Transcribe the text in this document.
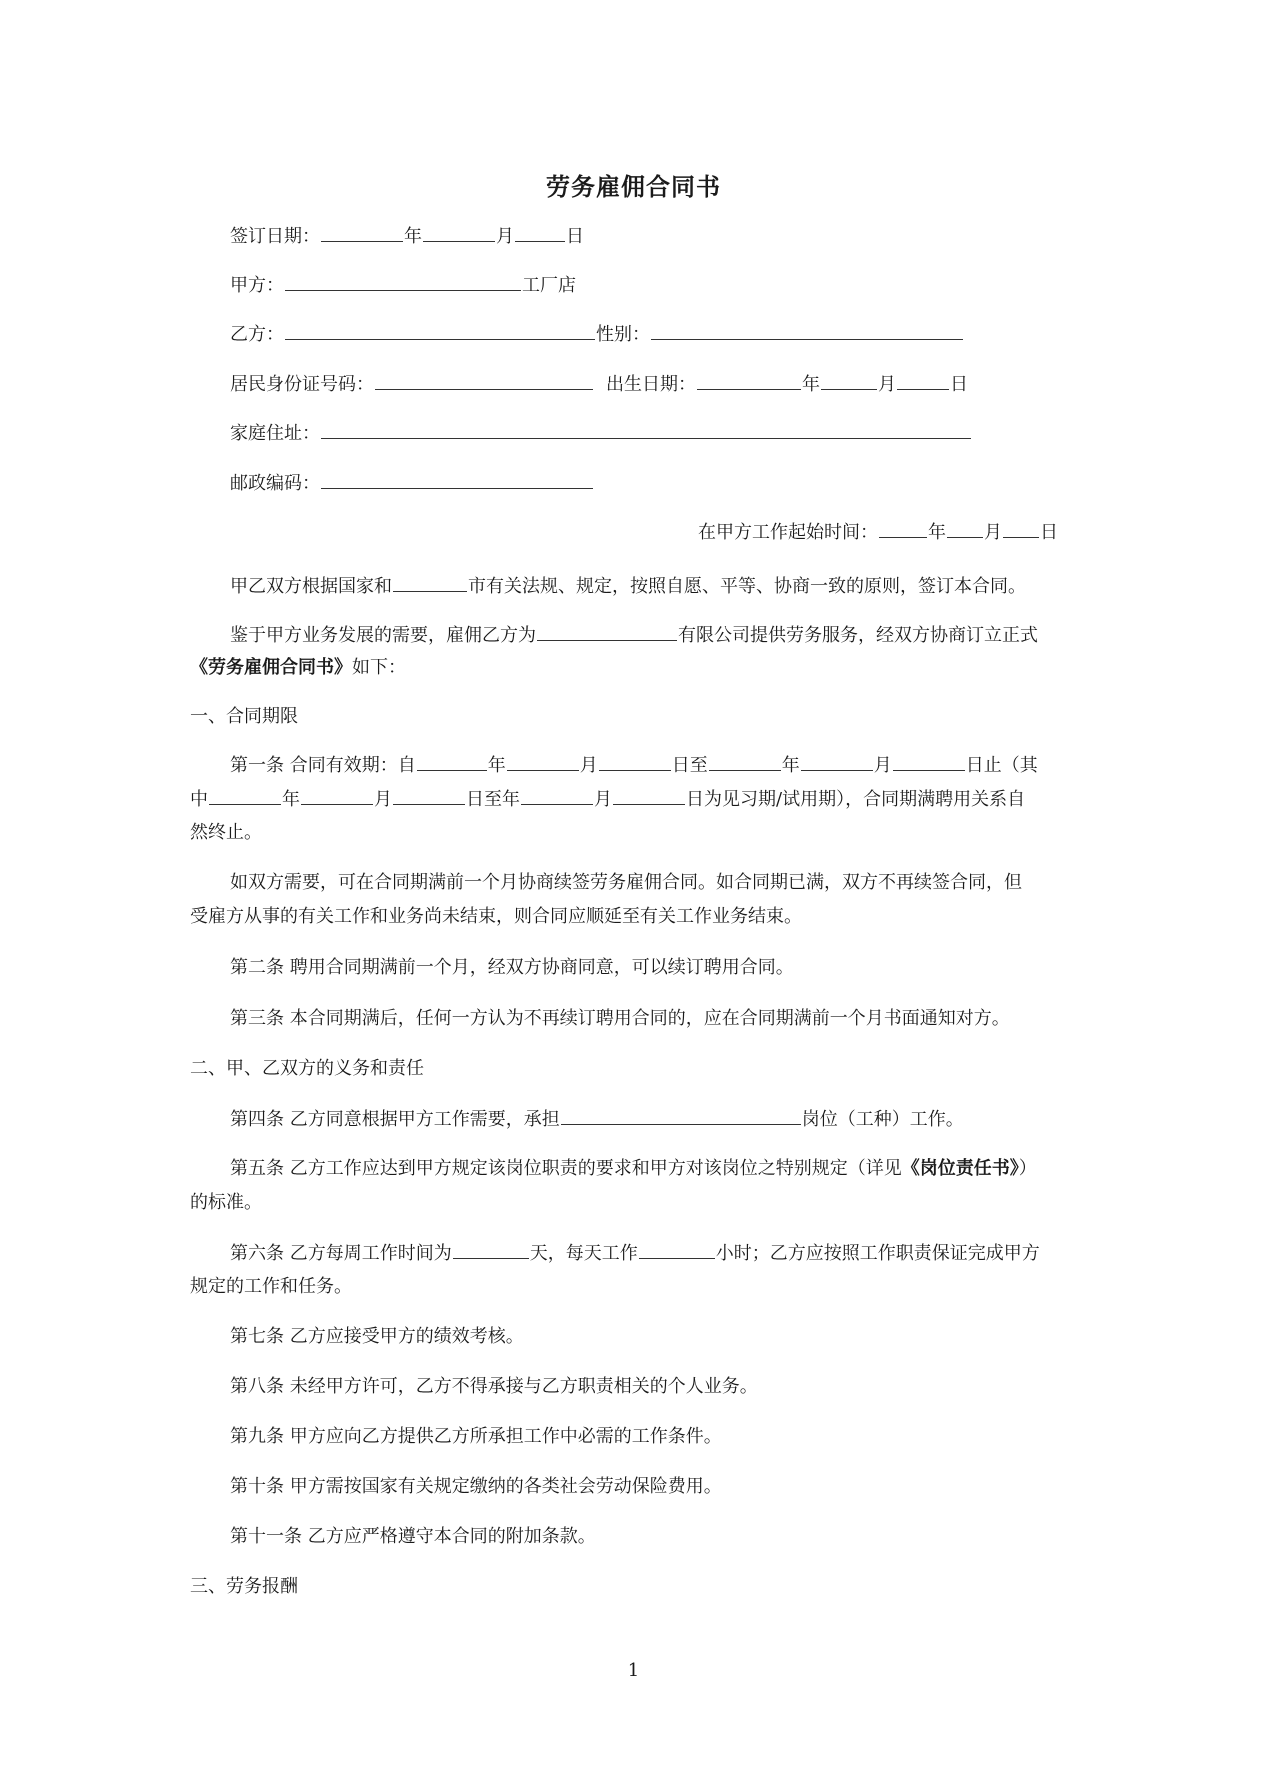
劳务雇佣合同书
签订日期：	年	月	日
甲方：	工厂店
乙方：	性别：
居民身份证号码：	出生日期：	年	月	日
家庭住址：
邮政编码：
在甲方工作起始时间：	年 月 日
甲乙双方根据国家和	市有关法规、规定，按照自愿、平等、协商一致的原则，签订本合同。
鉴于甲方业务发展的需要，雇佣乙方为	有限公司提供劳务服务，经双方协商订立正式
《劳务雇佣合同书》如下：
一、合同期限
第一条 合同有效期：自	年	月	日至	年	月	日止（其
中	年	月	日至年	月	日为见习期/试用期），合同期满聘用关系自
然终止。
如双方需要，可在合同期满前一个月协商续签劳务雇佣合同。如合同期已满，双方不再续签合同，但
受雇方从事的有关工作和业务尚未结束，则合同应顺延至有关工作业务结束。
第二条 聘用合同期满前一个月，经双方协商同意，可以续订聘用合同。
第三条 本合同期满后，任何一方认为不再续订聘用合同的，应在合同期满前一个月书面通知对方。
二、甲、乙双方的义务和责任
第四条 乙方同意根据甲方工作需要，承担	岗位（工种）工作。
第五条 乙方工作应达到甲方规定该岗位职责的要求和甲方对该岗位之特别规定（详见《岗位责任书》）
的标准。
第六条 乙方每周工作时间为	天，每天工作	小时；乙方应按照工作职责保证完成甲方
规定的工作和任务。
第七条 乙方应接受甲方的绩效考核。
第八条 未经甲方许可，乙方不得承接与乙方职责相关的个人业务。
第九条 甲方应向乙方提供乙方所承担工作中必需的工作条件。
第十条 甲方需按国家有关规定缴纳的各类社会劳动保险费用。
第十一条 乙方应严格遵守本合同的附加条款。
三、劳务报酬
1
